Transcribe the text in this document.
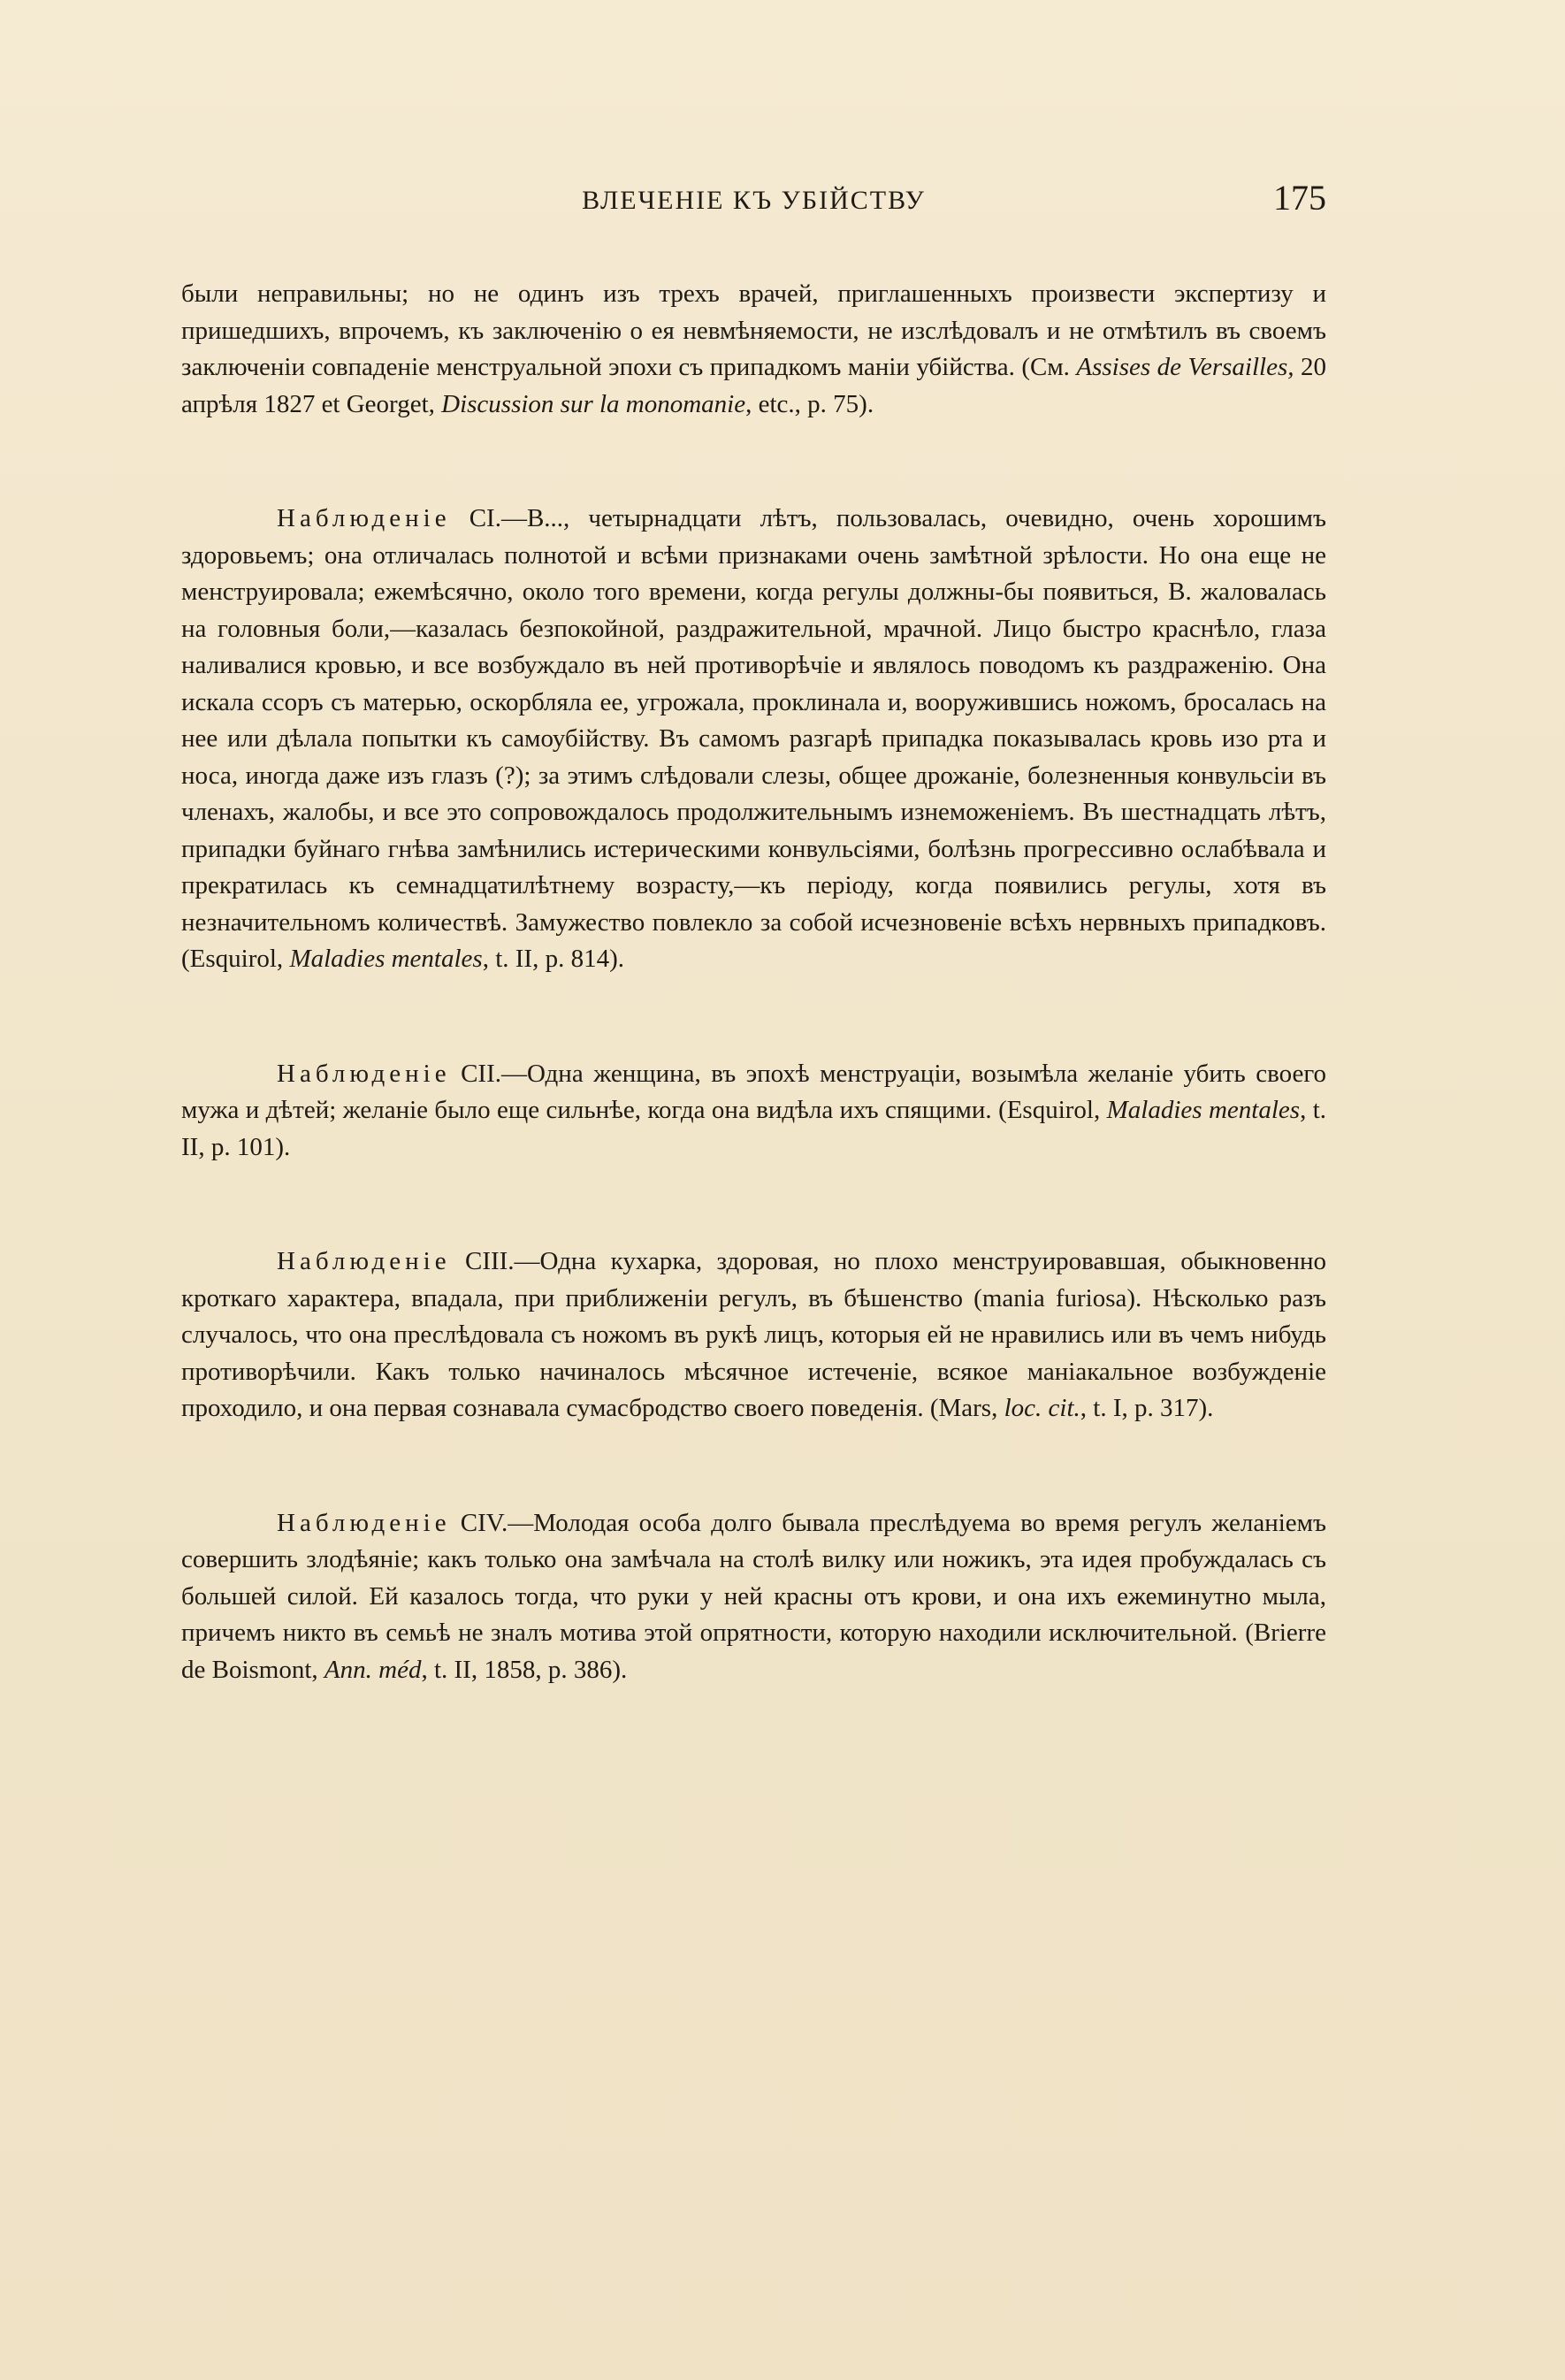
ВЛЕЧЕНІЕ КЪ УБІЙСТВУ	175

были неправильны; но не одинъ изъ трехъ врачей, приглашенныхъ произвести экспертизу и пришедшихъ, впрочемъ, къ заключенію о ея невмѣняемости, не изслѣдовалъ и не отмѣтилъ въ своемъ заключеніи совпаденіе менструальной эпохи съ припадкомъ маніи убійства. (См. Assises de Versailles, 20 апрѣля 1827 et Georget, Discussion sur la monomanie, etc., p. 75).

Наблюденіе CI.—В..., четырнадцати лѣтъ, пользовалась, очевидно, очень хорошимъ здоровьемъ; она отличалась полнотой и всѣми признаками очень замѣтной зрѣлости. Но она еще не менструировала; ежемѣсячно, около того времени, когда регулы должны-бы появиться, В. жаловалась на головныя боли,—казалась безпокойной, раздражительной, мрачной. Лицо быстро краснѣло, глаза наливалися кровью, и все возбуждало въ ней противорѣчіе и являлось поводомъ къ раздраженію. Она искала ссоръ съ матерью, оскорбляла ее, угрожала, проклинала и, вооружившись ножомъ, бросалась на нее или дѣлала попытки къ самоубійству. Въ самомъ разгарѣ припадка показывалась кровь изо рта и носа, иногда даже изъ глазъ (?); за этимъ слѣдовали слезы, общее дрожаніе, болезненныя конвульсіи въ членахъ, жалобы, и все это сопровождалось продолжительнымъ изнеможеніемъ. Въ шестнадцать лѣтъ, припадки буйнаго гнѣва замѣнились истерическими конвульсіями, болѣзнь прогрессивно ослабѣвала и прекратилась къ семнадцатилѣтнему возрасту,—къ періоду, когда появились регулы, хотя въ незначительномъ количествѣ. Замужество повлекло за собой исчезновеніе всѣхъ нервныхъ припадковъ. (Esquirol, Maladies mentales, t. II, p. 814).

Наблюденіе CII.—Одна женщина, въ эпохѣ менструаціи, возымѣла желаніе убить своего мужа и дѣтей; желаніе было еще сильнѣе, когда она видѣла ихъ спящими. (Esquirol, Maladies mentales, t. II, p. 101).

Наблюденіе CIII.—Одна кухарка, здоровая, но плохо менструировавшая, обыкновенно кроткаго характера, впадала, при приближеніи регулъ, въ бѣшенство (mania furiosa). Нѣсколько разъ случалось, что она преслѣдовала съ ножомъ въ рукѣ лицъ, которыя ей не нравились или въ чемъ нибудь противорѣчили. Какъ только начиналось мѣсячное истеченіе, всякое маніакальное возбужденіе проходило, и она первая сознавала сумасбродство своего поведенія. (Mars, loc. cit., t. I, p. 317).

Наблюденіе CIV.—Молодая особа долго бывала преслѣдуема во время регулъ желаніемъ совершить злодѣяніе; какъ только она замѣчала на столѣ вилку или ножикъ, эта идея пробуждалась съ большей силой. Ей казалось тогда, что руки у ней красны отъ крови, и она ихъ ежеминутно мыла, причемъ никто въ семьѣ не зналъ мотива этой опрятности, которую находили исключительной. (Brierre de Boismont, Ann. méd, t. II, 1858, p. 386).
